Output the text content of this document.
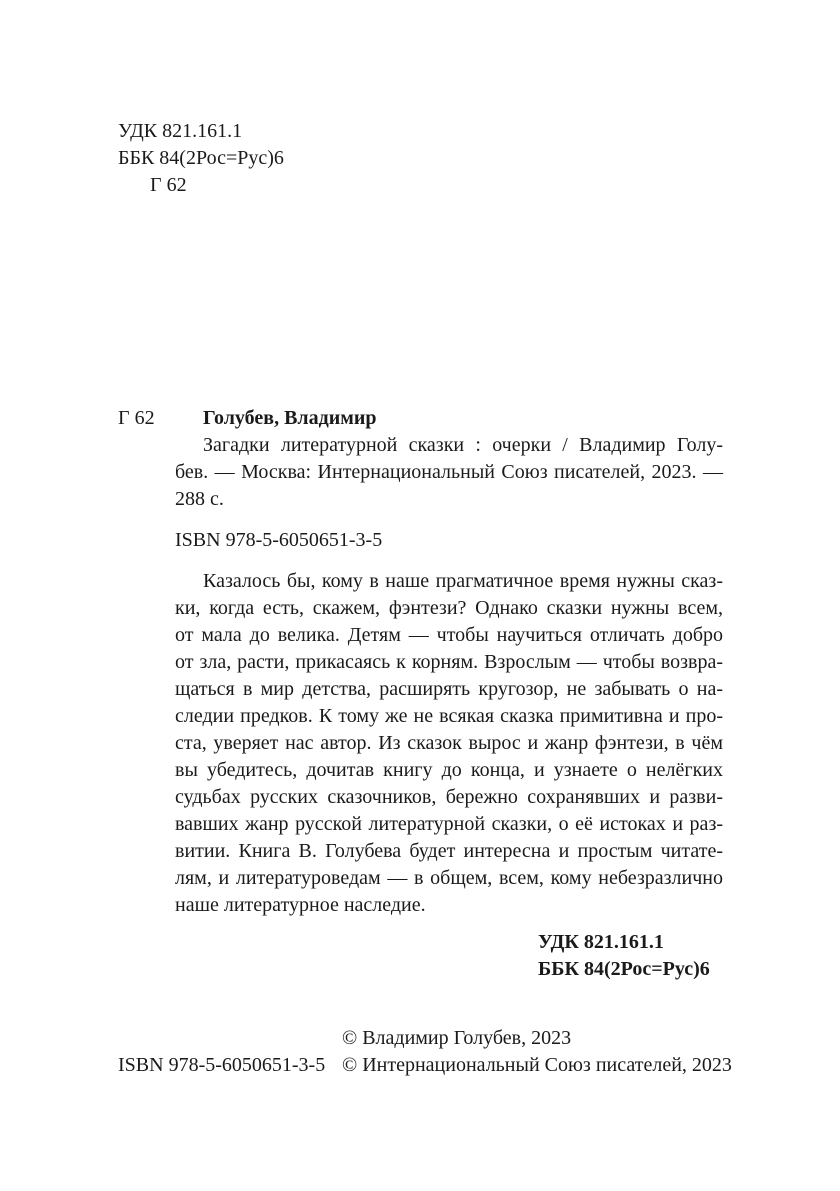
УДК 821.161.1
ББК 84(2Рос=Рус)6
Г 62
Г 62 Голубев, Владимир
Загадки литературной сказки : очерки / Владимир Голу-
бев. — Москва: Интернациональный Союз писателей, 2023. —
288 с.
ISBN 978-5-6050651-3-5
Казалось бы, кому в наше прагматичное время нужны сказ-
ки, когда есть, скажем, фэнтези? Однако сказки нужны всем,
от мала до велика. Детям — чтобы научиться отличать добро
от зла, расти, прикасаясь к корням. Взрослым — чтобы возвра-
щаться в мир детства, расширять кругозор, не забывать о на-
следии предков. К тому же не всякая сказка примитивна и про-
ста, уверяет нас автор. Из сказок вырос и жанр фэнтези, в чём
вы убедитесь, дочитав книгу до конца, и узнаете о нелёгких
судьбах русских сказочников, бережно сохранявших и разви-
вавших жанр русской литературной сказки, о её истоках и раз-
витии. Книга В. Голубева будет интересна и простым читате-
лям, и литературоведам — в общем, всем, кому небезразлично
наше литературное наследие.
УДК 821.161.1
ББК 84(2Рос=Рус)6
© Владимир Голубев, 2023
ISBN 978-5-6050651-3-5 © Интернациональный Союз писателей, 2023
